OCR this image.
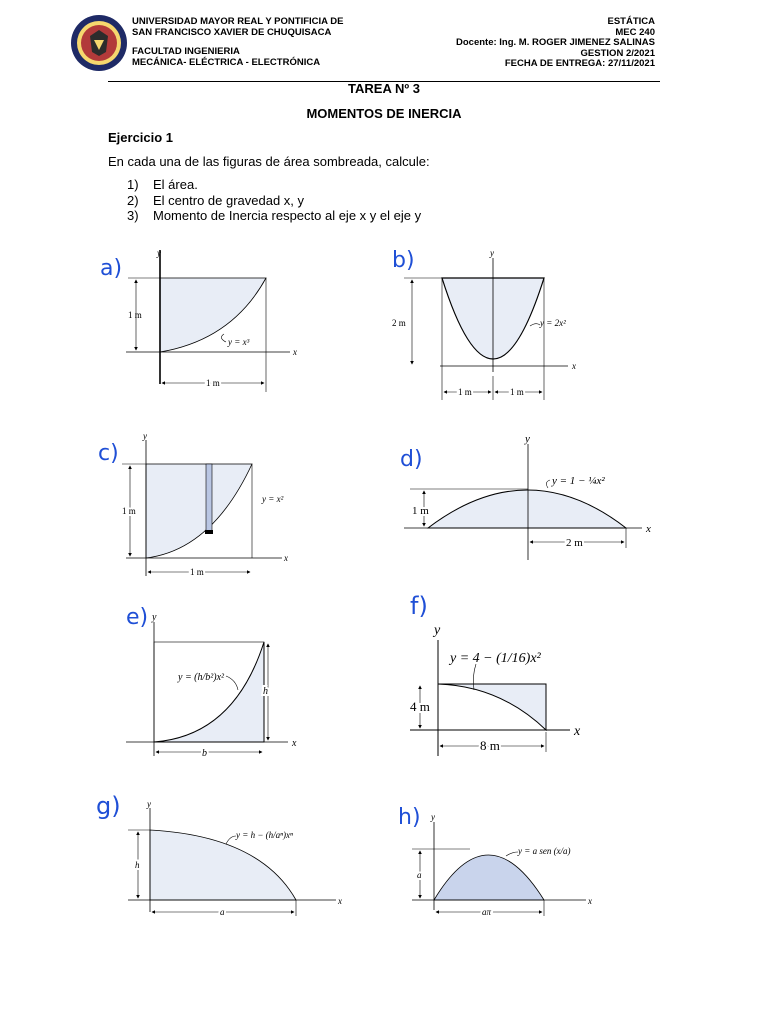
UNIVERSIDAD MAYOR REAL Y PONTIFICIA DE
SAN FRANCISCO XAVIER DE CHUQUISACA
FACULTAD INGENIERIA
MECÁNICA- ELÉCTRICA - ELECTRÓNICA
ESTÁTICA
MEC 240
Docente: Ing. M. ROGER JIMENEZ SALINAS
GESTION 2/2021
FECHA DE ENTREGA: 27/11/2021
TAREA Nº 3
MOMENTOS DE INERCIA
Ejercicio 1
En cada una de las figuras de área sombreada, calcule:
1) El área.
2) El centro de gravedad x, y
3) Momento de Inercia respecto al eje x y el eje y
a)
1 m
1 m
y
x
y = x³
b)
2 m
1 m	1 m
y
x
y = 2x²
c)
1 m
1 m
y
x
y = x²
d)
1 m
2 m
y
x
y = 1 − ¼x²
e)
h
b
y
x
y = (h/b²)x²
f)
4 m
8 m
y
x
y = 4 − (1/16)x²
g)
h
a
y
x
y = h − (h/aⁿ)xⁿ
h)
a
aπ
y
x
y = a sen (x/a)
